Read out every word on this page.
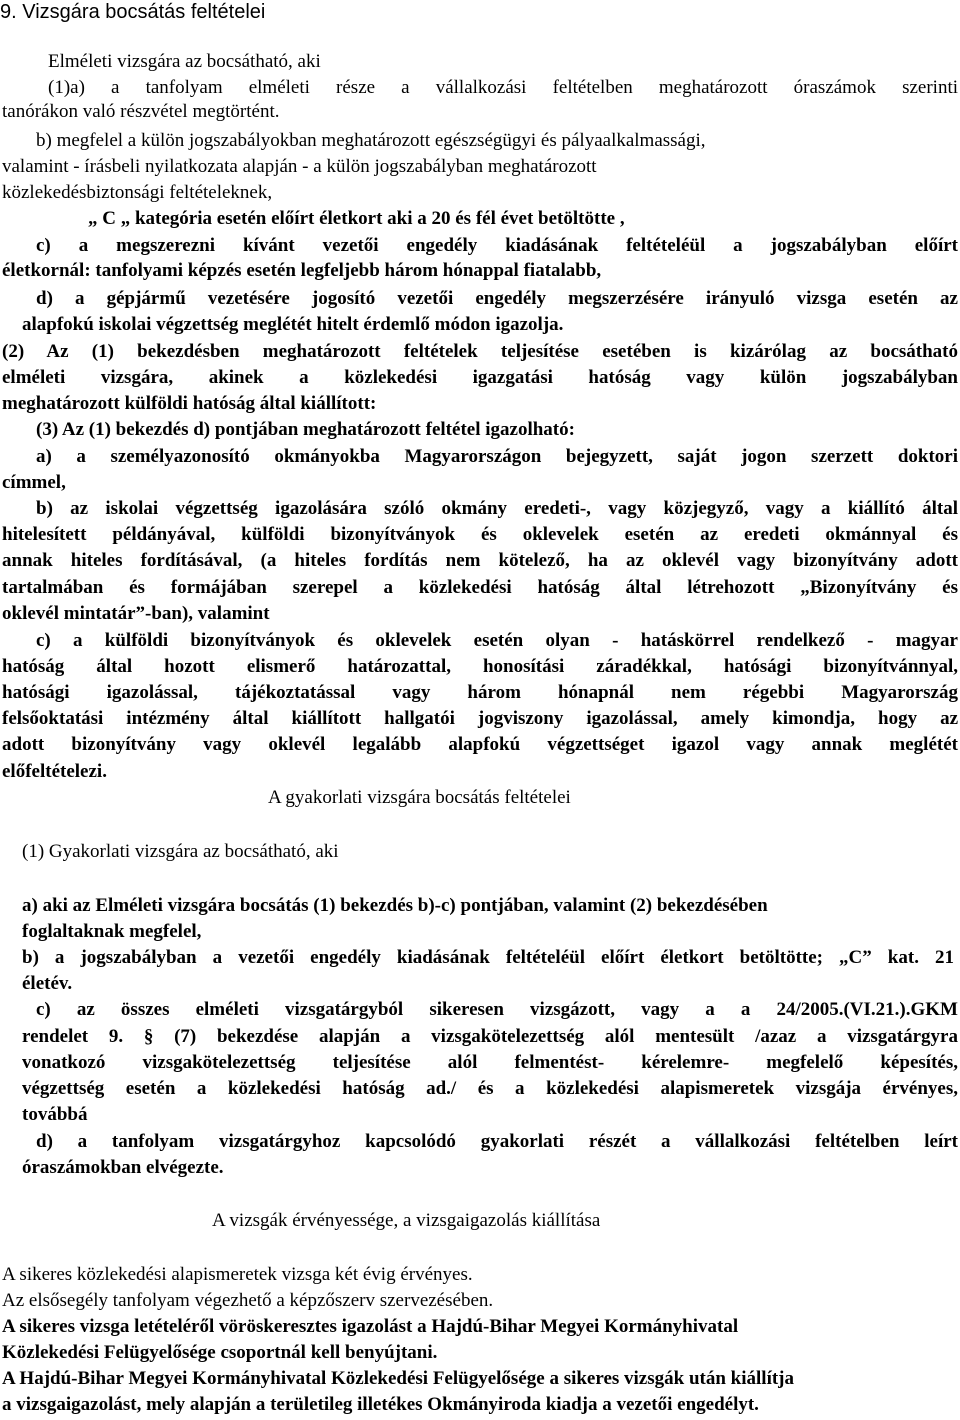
9. Vizsgára bocsátás feltételei
Elméleti vizsgára az bocsátható, aki
(1)a) a tanfolyam elméleti része a vállalkozási feltételben meghatározott óraszámok szerinti
tanórákon való részvétel megtörtént.
b) megfelel a külön jogszabályokban meghatározott egészségügyi és pályaalkalmassági,
valamint - írásbeli nyilatkozata alapján - a külön jogszabályban meghatározott
közlekedésbiztonsági feltételeknek,
„ C „ kategória esetén előírt életkort aki a 20 és fél évet betöltötte ,
c) a megszerezni kívánt vezetői engedély kiadásának feltételéül a jogszabályban előírt
életkornál: tanfolyami képzés esetén legfeljebb három hónappal fiatalabb,
d) a gépjármű vezetésére jogosító vezetői engedély megszerzésére irányuló vizsga esetén az
alapfokú iskolai végzettség meglétét hitelt érdemlő módon igazolja.
(2) Az (1) bekezdésben meghatározott feltételek teljesítése esetében is kizárólag az bocsátható
elméleti vizsgára, akinek a közlekedési igazgatási hatóság vagy külön jogszabályban
meghatározott külföldi hatóság által kiállított:
(3) Az (1) bekezdés d) pontjában meghatározott feltétel igazolható:
a) a személyazonosító okmányokba Magyarországon bejegyzett, saját jogon szerzett doktori
címmel,
b) az iskolai végzettség igazolására szóló okmány eredeti-, vagy közjegyző, vagy a kiállító által
hitelesített példányával, külföldi bizonyítványok és oklevelek esetén az eredeti okmánnyal és
annak hiteles fordításával, (a hiteles fordítás nem kötelező, ha az oklevél vagy bizonyítvány adott
tartalmában és formájában szerepel a közlekedési hatóság által létrehozott „Bizonyítvány és
oklevél mintatár”-ban), valamint
c) a külföldi bizonyítványok és oklevelek esetén olyan - hatáskörrel rendelkező - magyar
hatóság által hozott elismerő határozattal, honosítási záradékkal, hatósági bizonyítvánnyal,
hatósági igazolással, tájékoztatással vagy három hónapnál nem régebbi Magyarország
felsőoktatási intézmény által kiállított hallgatói jogviszony igazolással, amely kimondja, hogy az
adott bizonyítvány vagy oklevél legalább alapfokú végzettséget igazol vagy annak meglétét
előfeltételezi.
A gyakorlati vizsgára bocsátás feltételei
(1) Gyakorlati vizsgára az bocsátható, aki
a) aki az Elméleti vizsgára bocsátás (1) bekezdés b)-c) pontjában, valamint (2) bekezdésében
foglaltaknak megfelel,
b) a jogszabályban a vezetői engedély kiadásának feltételéül előírt életkort betöltötte; „C” kat. 21
életév.
c) az összes elméleti vizsgatárgyból sikeresen vizsgázott, vagy a a 24/2005.(VI.21.).GKM
rendelet 9. § (7) bekezdése alapján a vizsgakötelezettség alól mentesült /azaz a vizsgatárgyra
vonatkozó vizsgakötelezettség teljesítése alól felmentést- kérelemre- megfelelő képesítés,
végzettség esetén a közlekedési hatóság ad./ és a közlekedési alapismeretek vizsgája érvényes,
továbbá
d) a tanfolyam vizsgatárgyhoz kapcsolódó gyakorlati részét a vállalkozási feltételben leírt
óraszámokban elvégezte.
A vizsgák érvényessége, a vizsgaigazolás kiállítása
A sikeres közlekedési alapismeretek vizsga két évig érvényes.
Az elsősegély tanfolyam végezhető a képzőszerv szervezésében.
A sikeres vizsga letételéről vöröskeresztes igazolást a Hajdú-Bihar Megyei Kormányhivatal
Közlekedési Felügyelősége csoportnál kell benyújtani.
A Hajdú-Bihar Megyei Kormányhivatal Közlekedési Felügyelősége a sikeres vizsgák után kiállítja
a vizsgaigazolást, mely alapján a területileg illetékes Okmányiroda kiadja a vezetői engedélyt.
